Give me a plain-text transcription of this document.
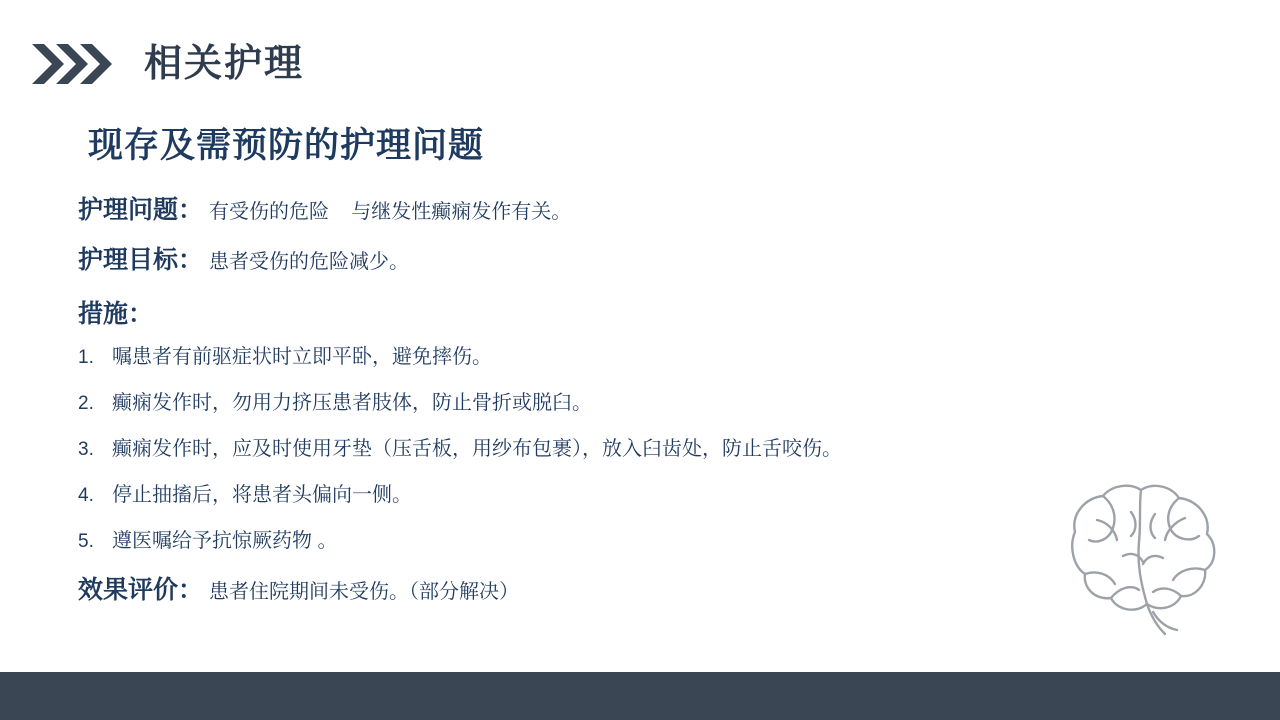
相关护理
现存及需预防的护理问题
护理问题： 有受伤的危险    与继发性癫痫发作有关。
护理目标： 患者受伤的危险减少。
措施：
1. 嘱患者有前驱症状时立即平卧，避免摔伤。
2. 癫痫发作时，勿用力挤压患者肢体，防止骨折或脱臼。
3. 癫痫发作时，应及时使用牙垫（压舌板，用纱布包裹），放入臼齿处，防止舌咬伤。
4. 停止抽搐后，将患者头偏向一侧。
5. 遵医嘱给予抗惊厥药物 。
效果评价： 患者住院期间未受伤。（部分解决）
